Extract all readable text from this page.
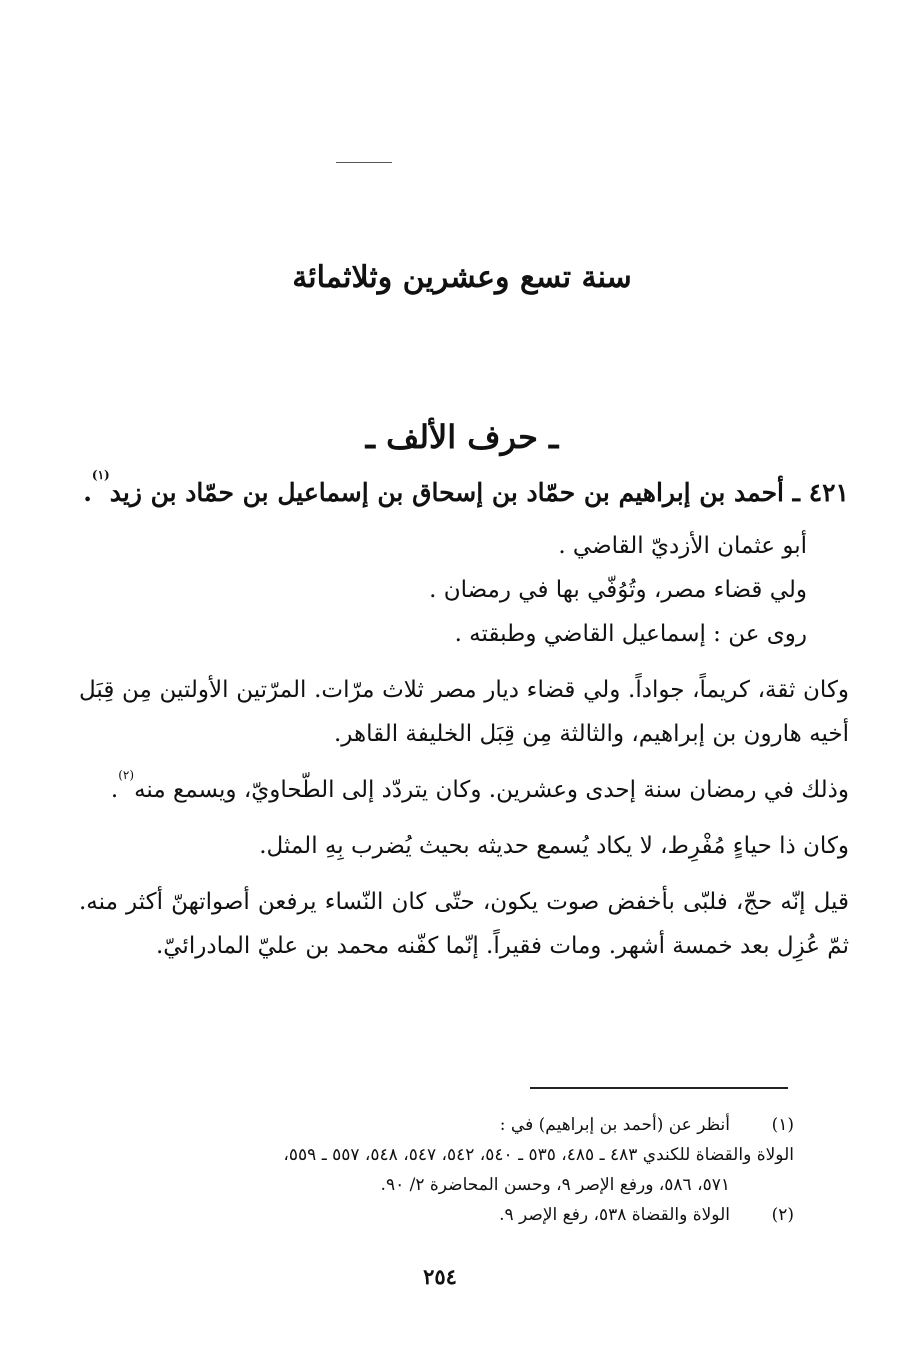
سنة تسع وعشرين وثلاثمائة
ـ حرف الألف ـ
٤٢١ ـ أحمد بن إبراهيم بن حمّاد بن إسحاق بن إسماعيل بن حمّاد بن زيد$^{(١)}$.

أبو عثمان الأزديّ القاضي .

ولي قضاء مصر، وتُوُفّي بها في رمضان .

روى عن : إسماعيل القاضي وطبقته .

وكان ثقة، كريماً، جواداً. ولي قضاء ديار مصر ثلاث مرّات. المرّتين الأولتين مِن قِبَل أخيه هارون بن إبراهيم، والثالثة مِن قِبَل الخليفة القاهر.

وذلك في رمضان سنة إحدى وعشرين. وكان يتردّد إلى الطّحاويّ، ويسمع منه$^{(٢)}$.

وكان ذا حياءٍ مُفْرِط، لا يكاد يُسمع حديثه بحيث يُضرب بِهِ المثل.

قيل إنّه حجّ، فلبّى بأخفض صوت يكون، حتّى كان النّساء يرفعن أصواتهنّ أكثر منه. ثمّ عُزِل بعد خمسة أشهر. ومات فقيراً. إنّما كفّنه محمد بن عليّ المادرائيّ.

(١)
أنظر عن (أحمد بن إبراهيم) في :
الولاة والقضاة للكندي ٤٨٣ ـ ٤٨٥، ٥٣٥ ـ ٥٤٠، ٥٤٢، ٥٤٧، ٥٤٨، ٥٥٧ ـ ٥٥٩،
٥٧١، ٥٨٦، ورفع الإصر ٩، وحسن المحاضرة ٢/ ٩٠.
(٢)
الولاة والقضاة ٥٣٨، رفع الإصر ٩.
٢٥٤
